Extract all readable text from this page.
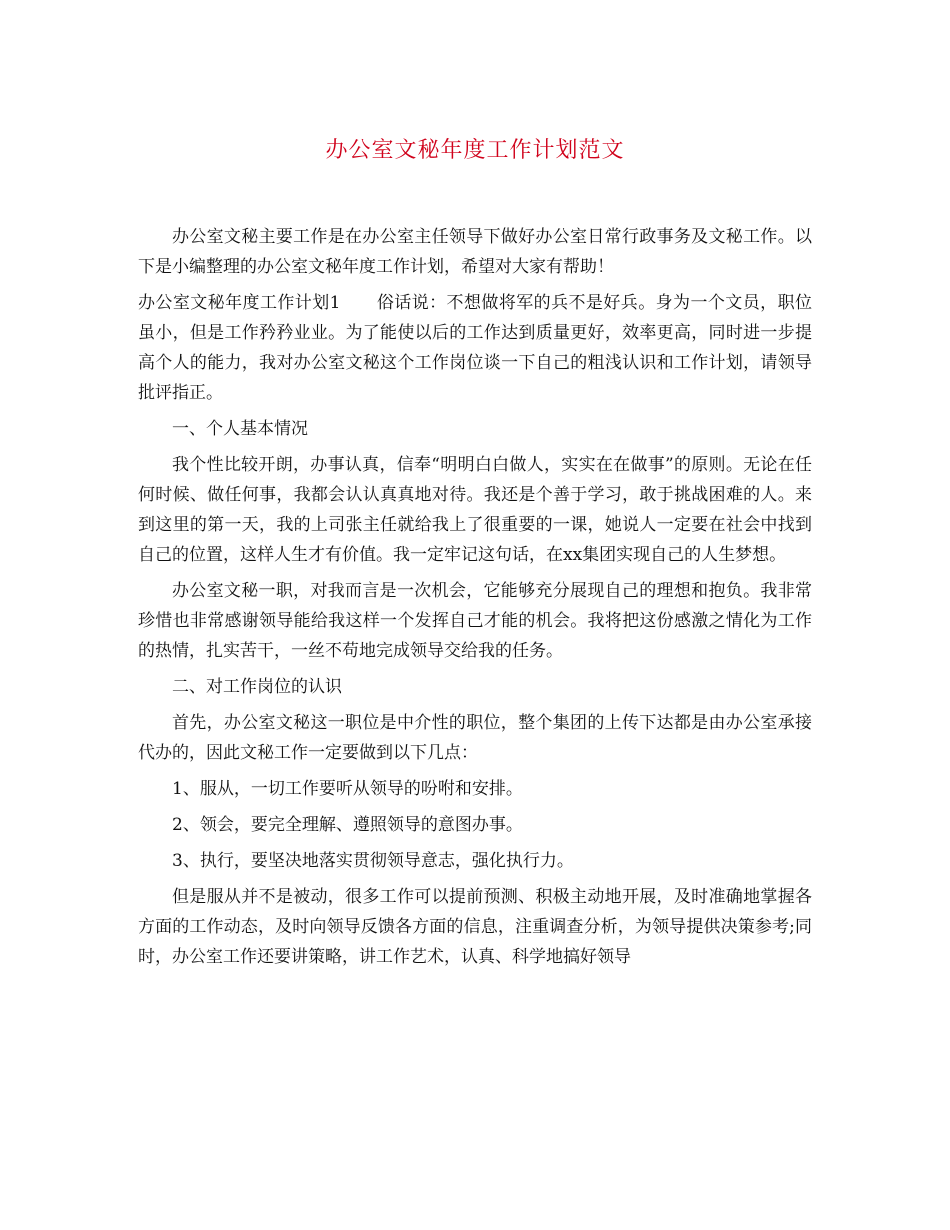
办公室文秘年度工作计划范文

办公室文秘主要工作是在办公室主任领导下做好办公室日常行政事务及文秘工作。以下是小编整理的办公室文秘年度工作计划，希望对大家有帮助！

办公室文秘年度工作计划1 俗话说：不想做将军的兵不是好兵。身为一个文员，职位虽小，但是工作矜矜业业。为了能使以后的工作达到质量更好，效率更高，同时进一步提高个人的能力，我对办公室文秘这个工作岗位谈一下自己的粗浅认识和工作计划，请领导批评指正。

一、个人基本情况

我个性比较开朗，办事认真，信奉“明明白白做人，实实在在做事”的原则。无论在任何时候、做任何事，我都会认认真真地对待。我还是个善于学习，敢于挑战困难的人。来到这里的第一天，我的上司张主任就给我上了很重要的一课，她说人一定要在社会中找到自己的位置，这样人生才有价值。我一定牢记这句话，在xx集团实现自己的人生梦想。

办公室文秘一职，对我而言是一次机会，它能够充分展现自己的理想和抱负。我非常珍惜也非常感谢领导能给我这样一个发挥自己才能的机会。我将把这份感激之情化为工作的热情，扎实苦干，一丝不苟地完成领导交给我的任务。

二、对工作岗位的认识

首先，办公室文秘这一职位是中介性的职位，整个集团的上传下达都是由办公室承接代办的，因此文秘工作一定要做到以下几点：

1、服从，一切工作要听从领导的吩咐和安排。

2、领会，要完全理解、遵照领导的意图办事。

3、执行，要坚决地落实贯彻领导意志，强化执行力。

但是服从并不是被动，很多工作可以提前预测、积极主动地开展，及时准确地掌握各方面的工作动态，及时向领导反馈各方面的信息，注重调查分析，为领导提供决策参考;同时，办公室工作还要讲策略，讲工作艺术，认真、科学地搞好领导
